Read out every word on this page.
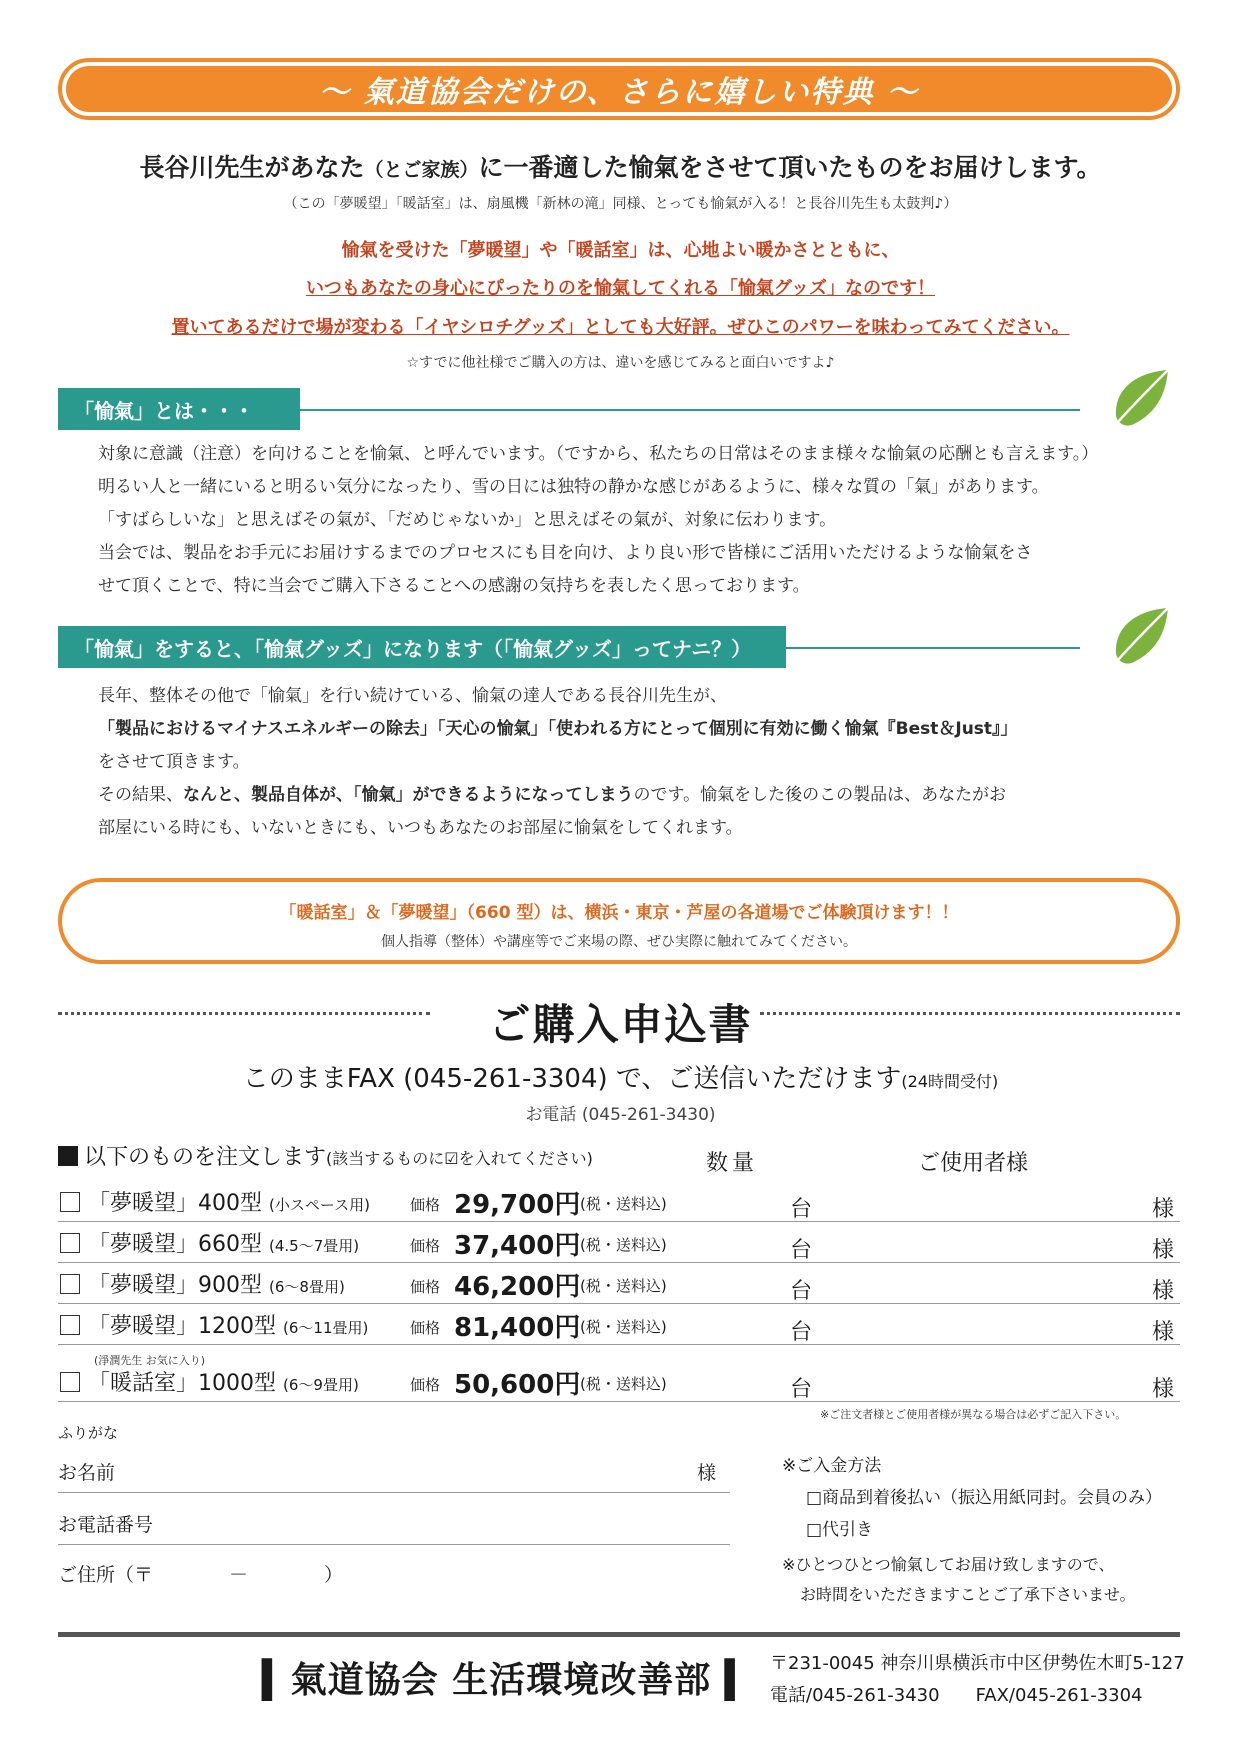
〜 氣道協会だけの、さらに嬉しい特典 〜
長谷川先生があなた（とご家族）に一番適した愉氣をさせて頂いたものをお届けします。
（この「夢暖望」「暖話室」は、扇風機「新林の滝」同様、とっても愉氣が入る！と長谷川先生も太鼓判♪）
愉氣を受けた「夢暖望」や「暖話室」は、心地よい暖かさとともに、
いつもあなたの身心にぴったりのを愉氣してくれる「愉氣グッズ」なのです！
置いてあるだけで場が変わる「イヤシロチグッズ」としても大好評。ぜひこのパワーを味わってみてください。
☆すでに他社様でご購入の方は、違いを感じてみると面白いですよ♪
「愉氣」とは・・・

対象に意識（注意）を向けることを愉氣、と呼んでいます。（ですから、私たちの日常はそのまま様々な愉氣の応酬とも言えます。）

明るい人と一緒にいると明るい気分になったり、雪の日には独特の静かな感じがあるように、様々な質の「氣」があります。

「すばらしいな」と思えばその氣が、「だめじゃないか」と思えばその氣が、対象に伝わります。

当会では、製品をお手元にお届けするまでのプロセスにも目を向け、より良い形で皆様にご活用いただけるような愉氣をさ

せて頂くことで、特に当会でご購入下さることへの感謝の気持ちを表したく思っております。

「愉氣」をすると、「愉氣グッズ」になります（「愉氣グッズ」ってナニ？）

長年、整体その他で「愉氣」を行い続けている、愉氣の達人である長谷川先生が、

「製品におけるマイナスエネルギーの除去」「天心の愉氣」「使われる方にとって個別に有効に働く愉氣『Best＆Just』」

をさせて頂きます。

その結果、なんと、製品自体が、「愉氣」ができるようになってしまうのです。愉氣をした後のこの製品は、あなたがお

部屋にいる時にも、いないときにも、いつもあなたのお部屋に愉氣をしてくれます。

「暖話室」＆「夢暖望」（660 型）は、横浜・東京・芦屋の各道場でご体験頂けます！！
個人指導（整体）や講座等でご来場の際、ぜひ実際に触れてみてください。
ご購入申込書
このままFAX (045-261-3304) で、ご送信いただけます(24時間受付)
お電話 (045-261-3430)
以下のものを注文します(該当するものに☑を入れてください)	数量	ご使用者様
「夢暖望」400型 (小スペース用)	価格 29,700円 (税・送料込)	台	様
「夢暖望」660型 (4.5〜7畳用)	価格 37,400円 (税・送料込)	台	様
「夢暖望」900型 (6〜8畳用)	価格 46,200円 (税・送料込)	台	様
「夢暖望」1200型 (6〜11畳用)	価格 81,400円 (税・送料込)	台	様
(淨潤先生 お気に入り)
「暖話室」1000型 (6〜9畳用)	価格 50,600円 (税・送料込)	台	様
※ご注文者様とご使用者様が異なる場合は必ずご記入下さい。
ふりがな
お名前	様
お電話番号
ご住所（〒　　　　－　　　　）
※ご入金方法
□商品到着後払い（振込用紙同封。会員のみ）
□代引き
※ひとつひとつ愉氣してお届け致しますので、
お時間をいただきますことご了承下さいませ。
▍氣道協会 生活環境改善部 ▍ 〒231-0045 神奈川県横浜市中区伊勢佐木町5-127
電話/045-261-3430 FAX/045-261-3304
